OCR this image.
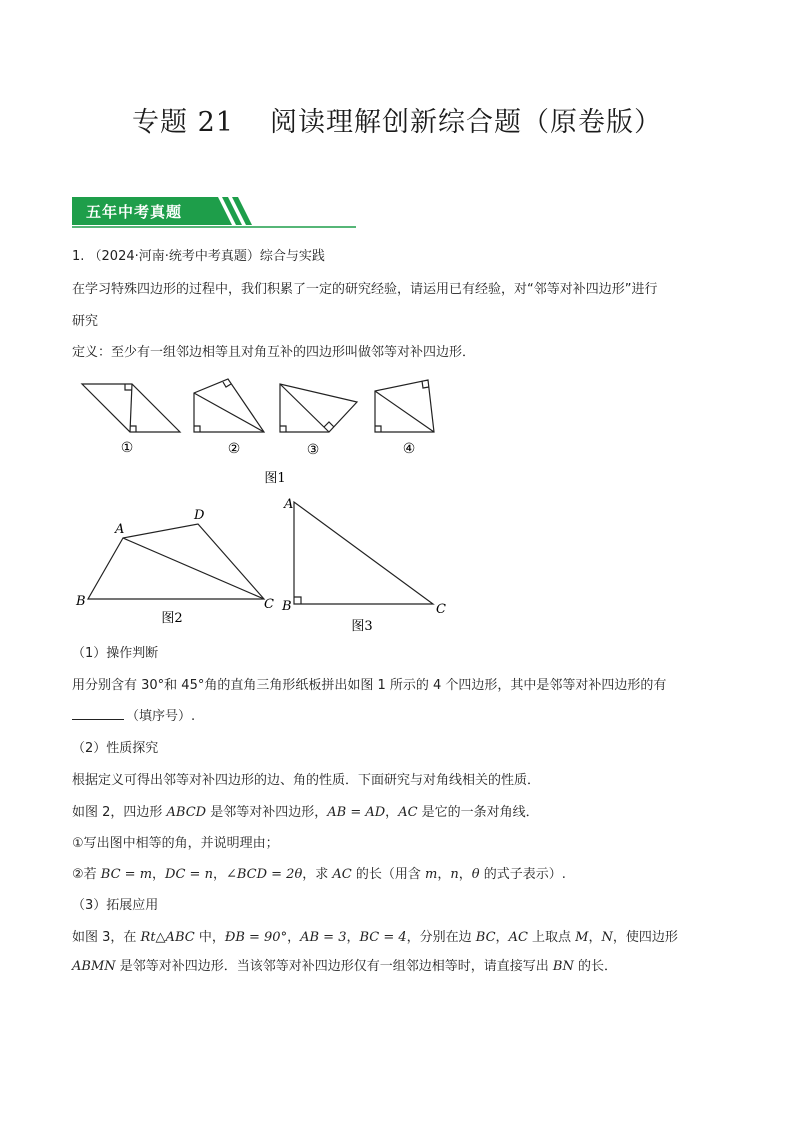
专题 21 阅读理解创新综合题（原卷版）
五年中考真题
1. （2024·河南·统考中考真题）综合与实践
在学习特殊四边形的过程中，我们积累了一定的研究经验，请运用已有经验，对“邻等对补四边形”进行
研究
定义：至少有一组邻边相等且对角互补的四边形叫做邻等对补四边形．
①	②	③	④
图1
A
D
B	C
图2
A
B	C
图3
（1）操作判断
用分别含有 30°和 45°角的直角三角形纸板拼出如图 1 所示的 4 个四边形，其中是邻等对补四边形的有
（填序号）.
（2）性质探究
根据定义可得出邻等对补四边形的边、角的性质．下面研究与对角线相关的性质．
如图 2，四边形 ABCD 是邻等对补四边形，AB = AD，AC 是它的一条对角线．
①写出图中相等的角，并说明理由；
②若 BC = m，DC = n，∠BCD = 2θ，求 AC 的长（用含 m，n，θ 的式子表示）.
（3）拓展应用
如图 3，在 Rt△ABC 中，ÐB = 90°，AB = 3，BC = 4，分别在边 BC，AC 上取点 M，N，使四边形
ABMN 是邻等对补四边形．当该邻等对补四边形仅有一组邻边相等时，请直接写出 BN 的长．
